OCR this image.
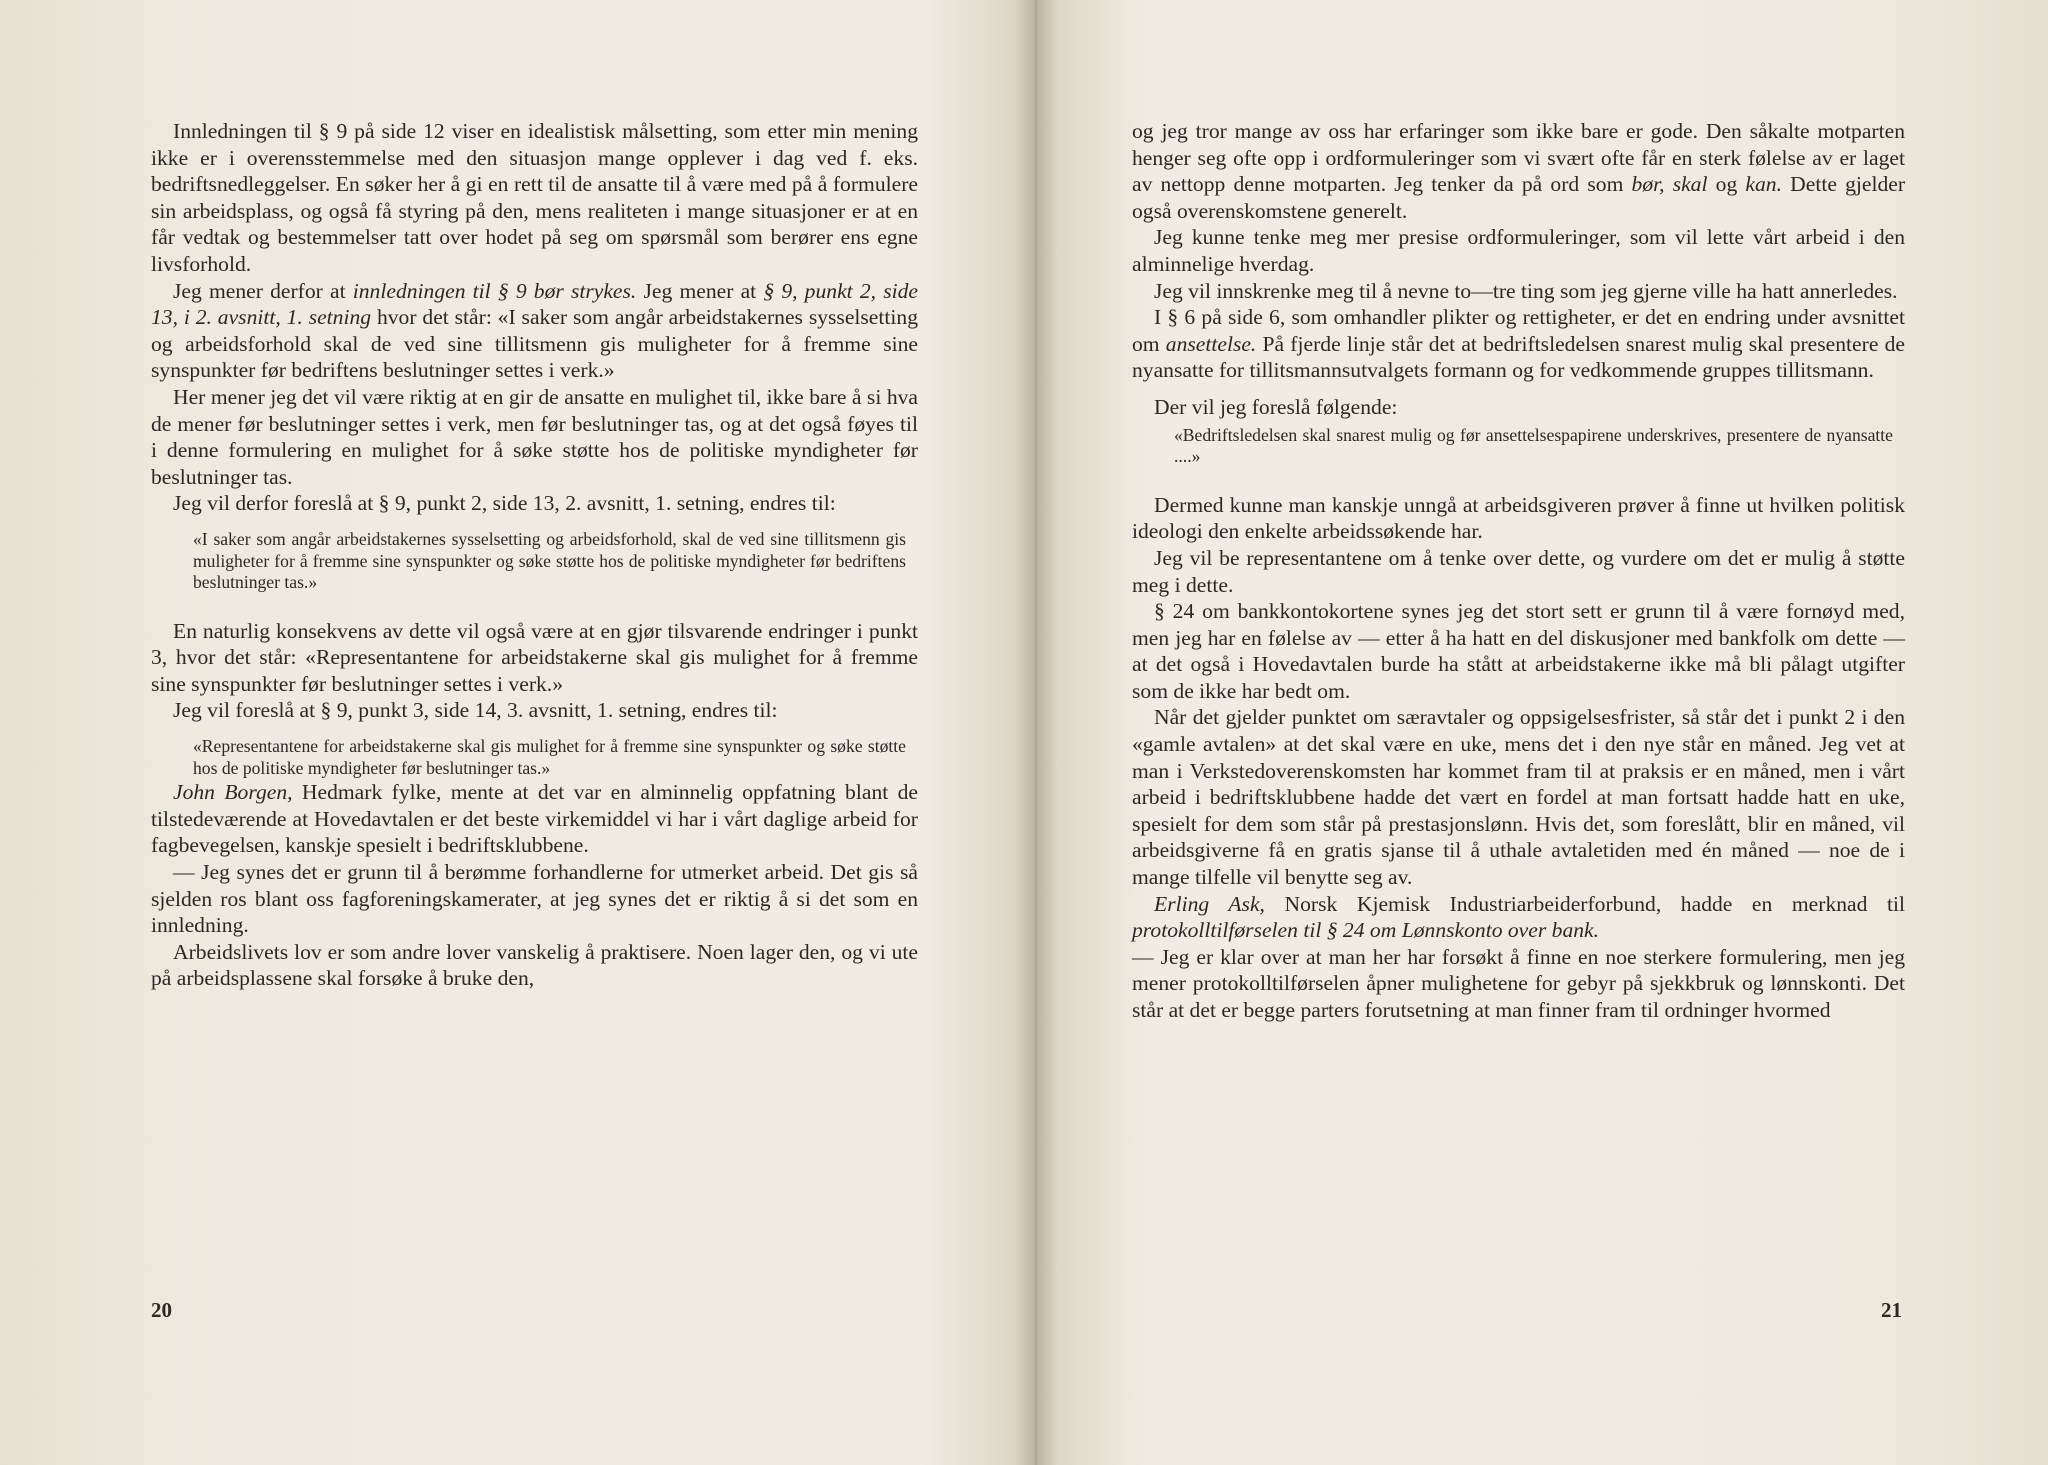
Innledningen til § 9 på side 12 viser en idealistisk målsetting, som etter min mening ikke er i overensstemmelse med den situasjon mange opplever i dag ved f. eks. bedriftsnedleggelser. En søker her å gi en rett til de ansatte til å være med på å formulere sin arbeidsplass, og også få styring på den, mens realiteten i mange situasjoner er at en får vedtak og bestemmelser tatt over hodet på seg om spørsmål som berører ens egne livsforhold.

Jeg mener derfor at innledningen til § 9 bør strykes. Jeg mener at § 9, punkt 2, side 13, i 2. avsnitt, 1. setning hvor det står: «I saker som angår arbeidstakernes sysselsetting og arbeidsforhold skal de ved sine tillitsmenn gis muligheter for å fremme sine synspunkter før bedriftens beslutninger settes i verk.»

Her mener jeg det vil være riktig at en gir de ansatte en mulighet til, ikke bare å si hva de mener før beslutninger settes i verk, men før beslutninger tas, og at det også føyes til i denne formulering en mulighet for å søke støtte hos de politiske myndigheter før beslutninger tas.

Jeg vil derfor foreslå at § 9, punkt 2, side 13, 2. avsnitt, 1. setning, endres til:

«I saker som angår arbeidstakernes sysselsetting og arbeidsforhold, skal de ved sine tillitsmenn gis muligheter for å fremme sine synspunkter og søke støtte hos de politiske myndigheter før bedriftens beslutninger tas.»

En naturlig konsekvens av dette vil også være at en gjør tilsvarende endringer i punkt 3, hvor det står: «Representantene for arbeidstakerne skal gis mulighet for å fremme sine synspunkter før beslutninger settes i verk.»

Jeg vil foreslå at § 9, punkt 3, side 14, 3. avsnitt, 1. setning, endres til:

«Representantene for arbeidstakerne skal gis mulighet for å fremme sine synspunkter og søke støtte hos de politiske myndigheter før beslutninger tas.»

John Borgen, Hedmark fylke, mente at det var en alminnelig oppfatning blant de tilstedeværende at Hovedavtalen er det beste virkemiddel vi har i vårt daglige arbeid for fagbevegelsen, kanskje spesielt i bedriftsklubbene.

— Jeg synes det er grunn til å berømme forhandlerne for utmerket arbeid. Det gis så sjelden ros blant oss fagforeningskamerater, at jeg synes det er riktig å si det som en innledning.

Arbeidslivets lov er som andre lover vanskelig å praktisere. Noen lager den, og vi ute på arbeidsplassene skal forsøke å bruke den,

20

og jeg tror mange av oss har erfaringer som ikke bare er gode. Den såkalte motparten henger seg ofte opp i ordformuleringer som vi svært ofte får en sterk følelse av er laget av nettopp denne motparten. Jeg tenker da på ord som bør, skal og kan. Dette gjelder også overenskomstene generelt.

Jeg kunne tenke meg mer presise ordformuleringer, som vil lette vårt arbeid i den alminnelige hverdag.

Jeg vil innskrenke meg til å nevne to—tre ting som jeg gjerne ville ha hatt annerledes.

I § 6 på side 6, som omhandler plikter og rettigheter, er det en endring under avsnittet om ansettelse. På fjerde linje står det at bedriftsledelsen snarest mulig skal presentere de nyansatte for tillitsmannsutvalgets formann og for vedkommende gruppes tillitsmann.

Der vil jeg foreslå følgende:

«Bedriftsledelsen skal snarest mulig og før ansettelsespapirene underskrives, presentere de nyansatte ....»

Dermed kunne man kanskje unngå at arbeidsgiveren prøver å finne ut hvilken politisk ideologi den enkelte arbeidssøkende har.

Jeg vil be representantene om å tenke over dette, og vurdere om det er mulig å støtte meg i dette.

§ 24 om bankkontokortene synes jeg det stort sett er grunn til å være fornøyd med, men jeg har en følelse av — etter å ha hatt en del diskusjoner med bankfolk om dette — at det også i Hovedavtalen burde ha stått at arbeidstakerne ikke må bli pålagt utgifter som de ikke har bedt om.

Når det gjelder punktet om særavtaler og oppsigelsesfrister, så står det i punkt 2 i den «gamle avtalen» at det skal være en uke, mens det i den nye står en måned. Jeg vet at man i Verkstedoverenskomsten har kommet fram til at praksis er en måned, men i vårt arbeid i bedriftsklubbene hadde det vært en fordel at man fortsatt hadde hatt en uke, spesielt for dem som står på prestasjonslønn. Hvis det, som foreslått, blir en måned, vil arbeidsgiverne få en gratis sjanse til å uthale avtaletiden med én måned — noe de i mange tilfelle vil benytte seg av.

Erling Ask, Norsk Kjemisk Industriarbeiderforbund, hadde en merknad til protokolltilførselen til § 24 om Lønnskonto over bank.

— Jeg er klar over at man her har forsøkt å finne en noe sterkere formulering, men jeg mener protokolltilførselen åpner mulighetene for gebyr på sjekkbruk og lønnskonti. Det står at det er begge parters forutsetning at man finner fram til ordninger hvormed

21
